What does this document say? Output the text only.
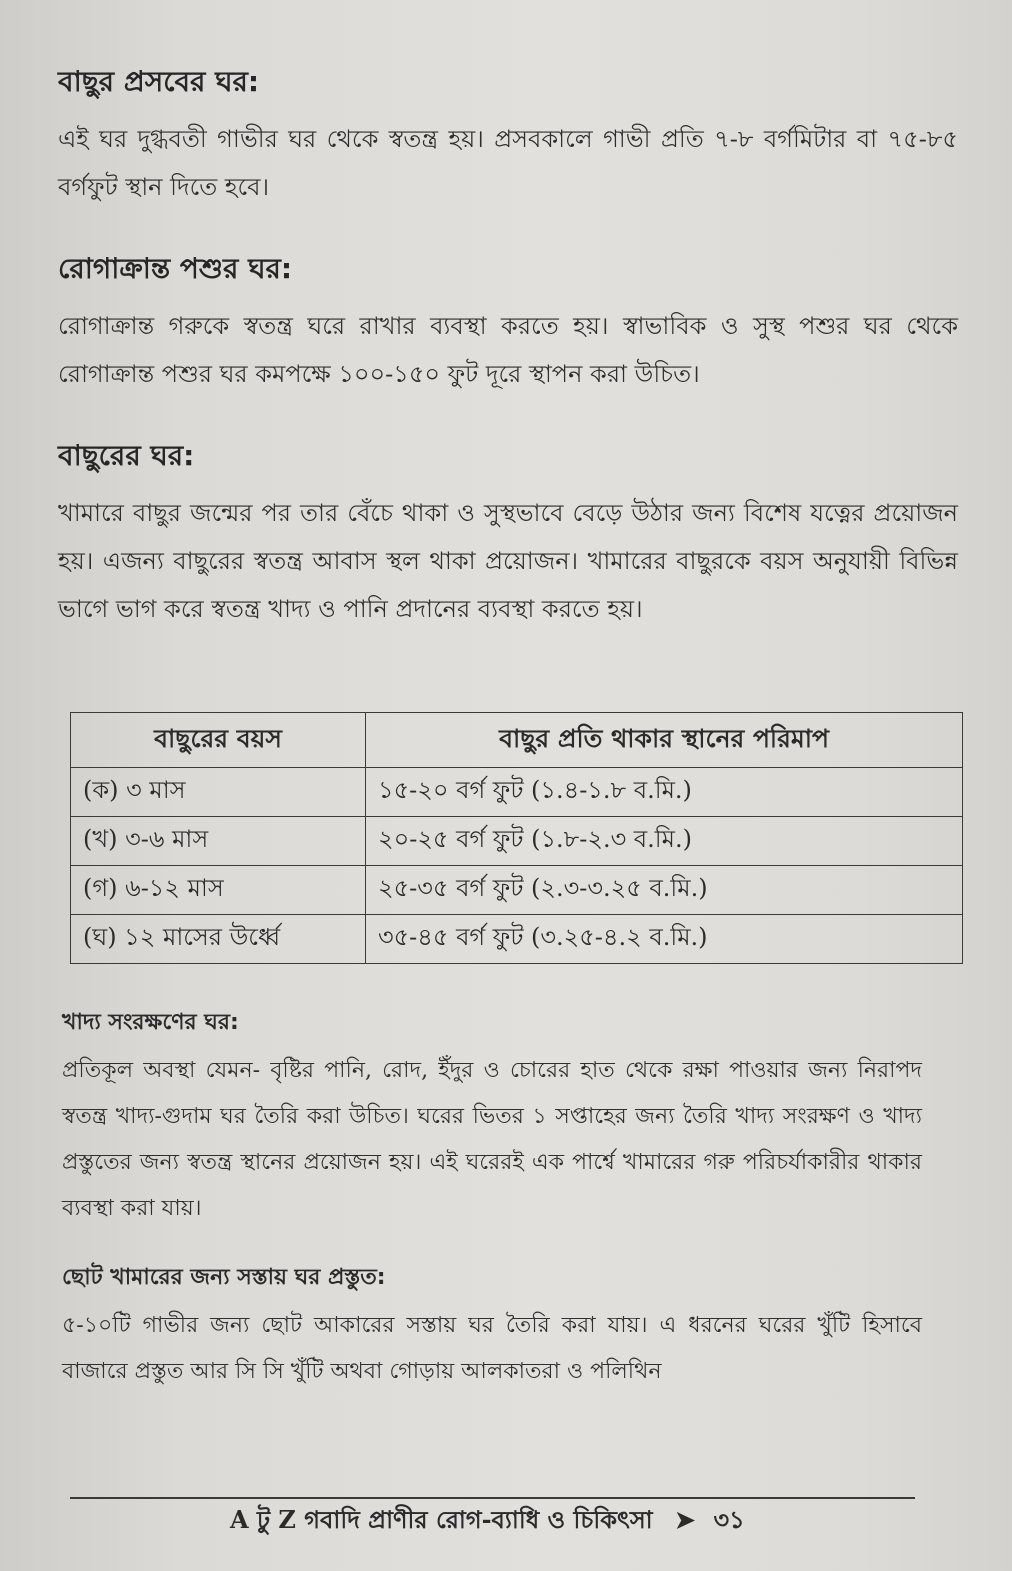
বাছুর প্রসবের ঘর:

এই ঘর দুগ্ধবতী গাভীর ঘর থেকে স্বতন্ত্র হয়। প্রসবকালে গাভী প্রতি ৭-৮ বর্গমিটার বা ৭৫-৮৫ বর্গফুট স্থান দিতে হবে।

রোগাক্রান্ত পশুর ঘর:

রোগাক্রান্ত গরুকে স্বতন্ত্র ঘরে রাখার ব্যবস্থা করতে হয়। স্বাভাবিক ও সুস্থ পশুর ঘর থেকে রোগাক্রান্ত পশুর ঘর কমপক্ষে ১০০-১৫০ ফুট দূরে স্থাপন করা উচিত।

বাছুরের ঘর:

খামারে বাছুর জন্মের পর তার বেঁচে থাকা ও সুস্থভাবে বেড়ে উঠার জন্য বিশেষ যত্নের প্রয়োজন হয়। এজন্য বাছুরের স্বতন্ত্র আবাস স্থল থাকা প্রয়োজন। খামারের বাছুরকে বয়স অনুযায়ী বিভিন্ন ভাগে ভাগ করে স্বতন্ত্র খাদ্য ও পানি প্রদানের ব্যবস্থা করতে হয়।

বাছুরের বয়স	বাছুর প্রতি থাকার স্থানের পরিমাপ
(ক) ৩ মাস	১৫-২০ বর্গ ফুট (১.৪-১.৮ ব.মি.)
(খ) ৩-৬ মাস	২০-২৫ বর্গ ফুট (১.৮-২.৩ ব.মি.)
(গ) ৬-১২ মাস	২৫-৩৫ বর্গ ফুট (২.৩-৩.২৫ ব.মি.)
(ঘ) ১২ মাসের উর্ধ্বে	৩৫-৪৫ বর্গ ফুট (৩.২৫-৪.২ ব.মি.)
খাদ্য সংরক্ষণের ঘর:

প্রতিকূল অবস্থা যেমন- বৃষ্টির পানি, রোদ, ইঁদুর ও চোরের হাত থেকে রক্ষা পাওয়ার জন্য নিরাপদ স্বতন্ত্র খাদ্য-গুদাম ঘর তৈরি করা উচিত। ঘরের ভিতর ১ সপ্তাহের জন্য তৈরি খাদ্য সংরক্ষণ ও খাদ্য প্রস্তুতের জন্য স্বতন্ত্র স্থানের প্রয়োজন হয়। এই ঘরেরই এক পার্শ্বে খামারের গরু পরিচর্যাকারীর থাকার ব্যবস্থা করা যায়।

ছোট খামারের জন্য সস্তায় ঘর প্রস্তুত:

৫-১০টি গাভীর জন্য ছোট আকারের সস্তায় ঘর তৈরি করা যায়। এ ধরনের ঘরের খুঁটি হিসাবে বাজারে প্রস্তুত আর সি সি খুঁটি অথবা গোড়ায় আলকাতরা ও পলিথিন

A টু Z গবাদি প্রাণীর রোগ-ব্যাধি ও চিকিৎসা ➤ ৩১
